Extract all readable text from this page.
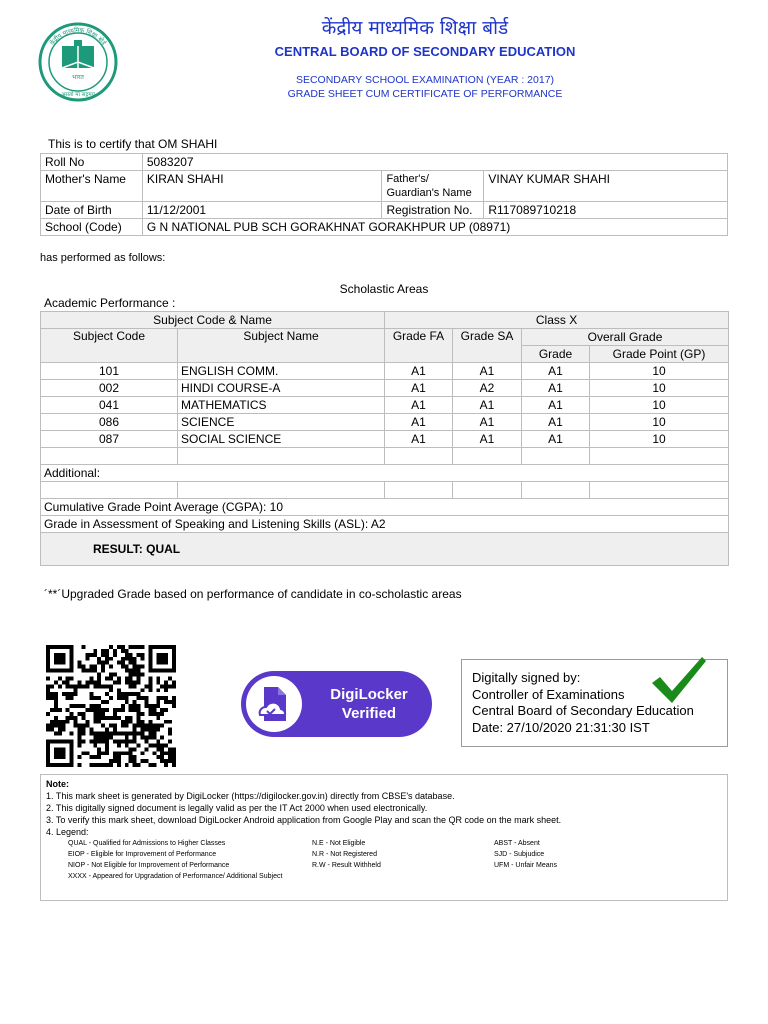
भारत
असतो मा सद्गमय
केंद्रीय माध्यमिक शिक्षा बोर्ड
केंद्रीय माध्यमिक शिक्षा बोर्ड
CENTRAL BOARD OF SECONDARY EDUCATION
SECONDARY SCHOOL EXAMINATION (YEAR : 2017)
GRADE SHEET CUM CERTIFICATE OF PERFORMANCE
This is to certify that OM SHAHI
Roll No	5083207		
Mother's Name	KIRAN SHAHI	Father's/
Guardian's Name	VINAY KUMAR SHAHI
Date of Birth	11/12/2001	Registration No.	R117089710218
School (Code)	G N NATIONAL PUB SCH GORAKHNAT GORAKHPUR UP (08971)		
has performed as follows:
Scholastic Areas
Academic Performance :
Subject Code & Name		Class X			
Subject Code	Subject Name	Grade FA	Grade SA	Overall Grade	
				Grade	Grade Point (GP)
101	ENGLISH COMM.	A1	A1	A1	10
002	HINDI COURSE-A	A1	A2	A1	10
041	MATHEMATICS	A1	A1	A1	10
086	SCIENCE	A1	A1	A1	10
087	SOCIAL SCIENCE	A1	A1	A1	10

Additional:					

Cumulative Grade Point Average (CGPA): 10					
Grade in Assessment of Speaking and Listening Skills (ASL): A2					
RESULT: QUAL					
´**´Upgraded Grade based on performance of candidate in co-scholastic areas
DigiLocker
Verified
Digitally signed by:
Controller of Examinations
Central Board of Secondary Education
Date: 27/10/2020 21:31:30 IST
Note:
1. This mark sheet is generated by DigiLocker (https://digilocker.gov.in) directly from CBSE's database.
2. This digitally signed document is legally valid as per the IT Act 2000 when used electronically.
3. To verify this mark sheet, download DigiLocker Android application from Google Play and scan the QR code on the mark sheet.
4. Legend:
QUAL - Qualified for Admissions to Higher Classes
EIOP - Eligible for Improvement of Performance
NIOP - Not Eligible for Improvement of Performance
XXXX - Appeared for Upgradation of Performance/ Additional Subject
N.E - Not Eligible
N.R - Not Registered
R.W - Result Withheld
ABST - Absent
SJD - Subjudice
UFM - Unfair Means
